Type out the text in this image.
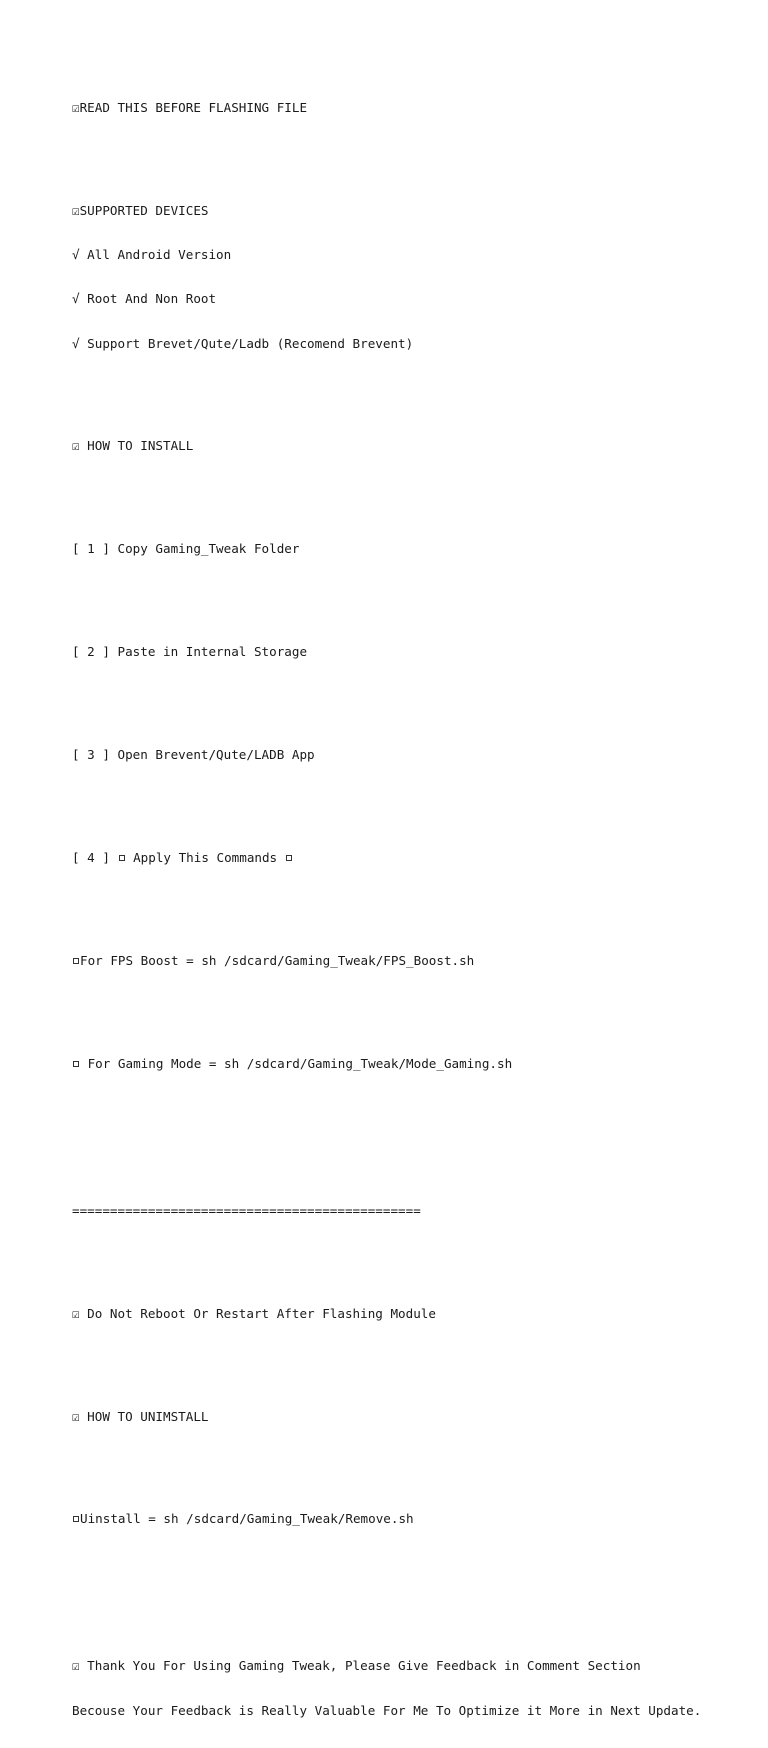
☑READ THIS BEFORE FLASHING FILE

☑SUPPORTED DEVICES

√ All Android Version

√ Root And Non Root

√ Support Brevet/Qute/Ladb (Recomend Brevent)

☑ HOW TO INSTALL

[ 1 ] Copy Gaming_Tweak Folder

[ 2 ] Paste in Internal Storage

[ 3 ] Open Brevent/Qute/LADB App

[ 4 ]  Apply This Commands

For FPS Boost = sh /sdcard/Gaming_Tweak/FPS_Boost.sh

For Gaming Mode = sh /sdcard/Gaming_Tweak/Mode_Gaming.sh

==============================================

☑ Do Not Reboot Or Restart After Flashing Module

☑ HOW TO UNIMSTALL

Uinstall = sh /sdcard/Gaming_Tweak/Remove.sh

☑ Thank You For Using Gaming Tweak, Please Give Feedback in Comment Section

Becouse Your Feedback is Really Valuable For Me To Optimize it More in Next Update.
